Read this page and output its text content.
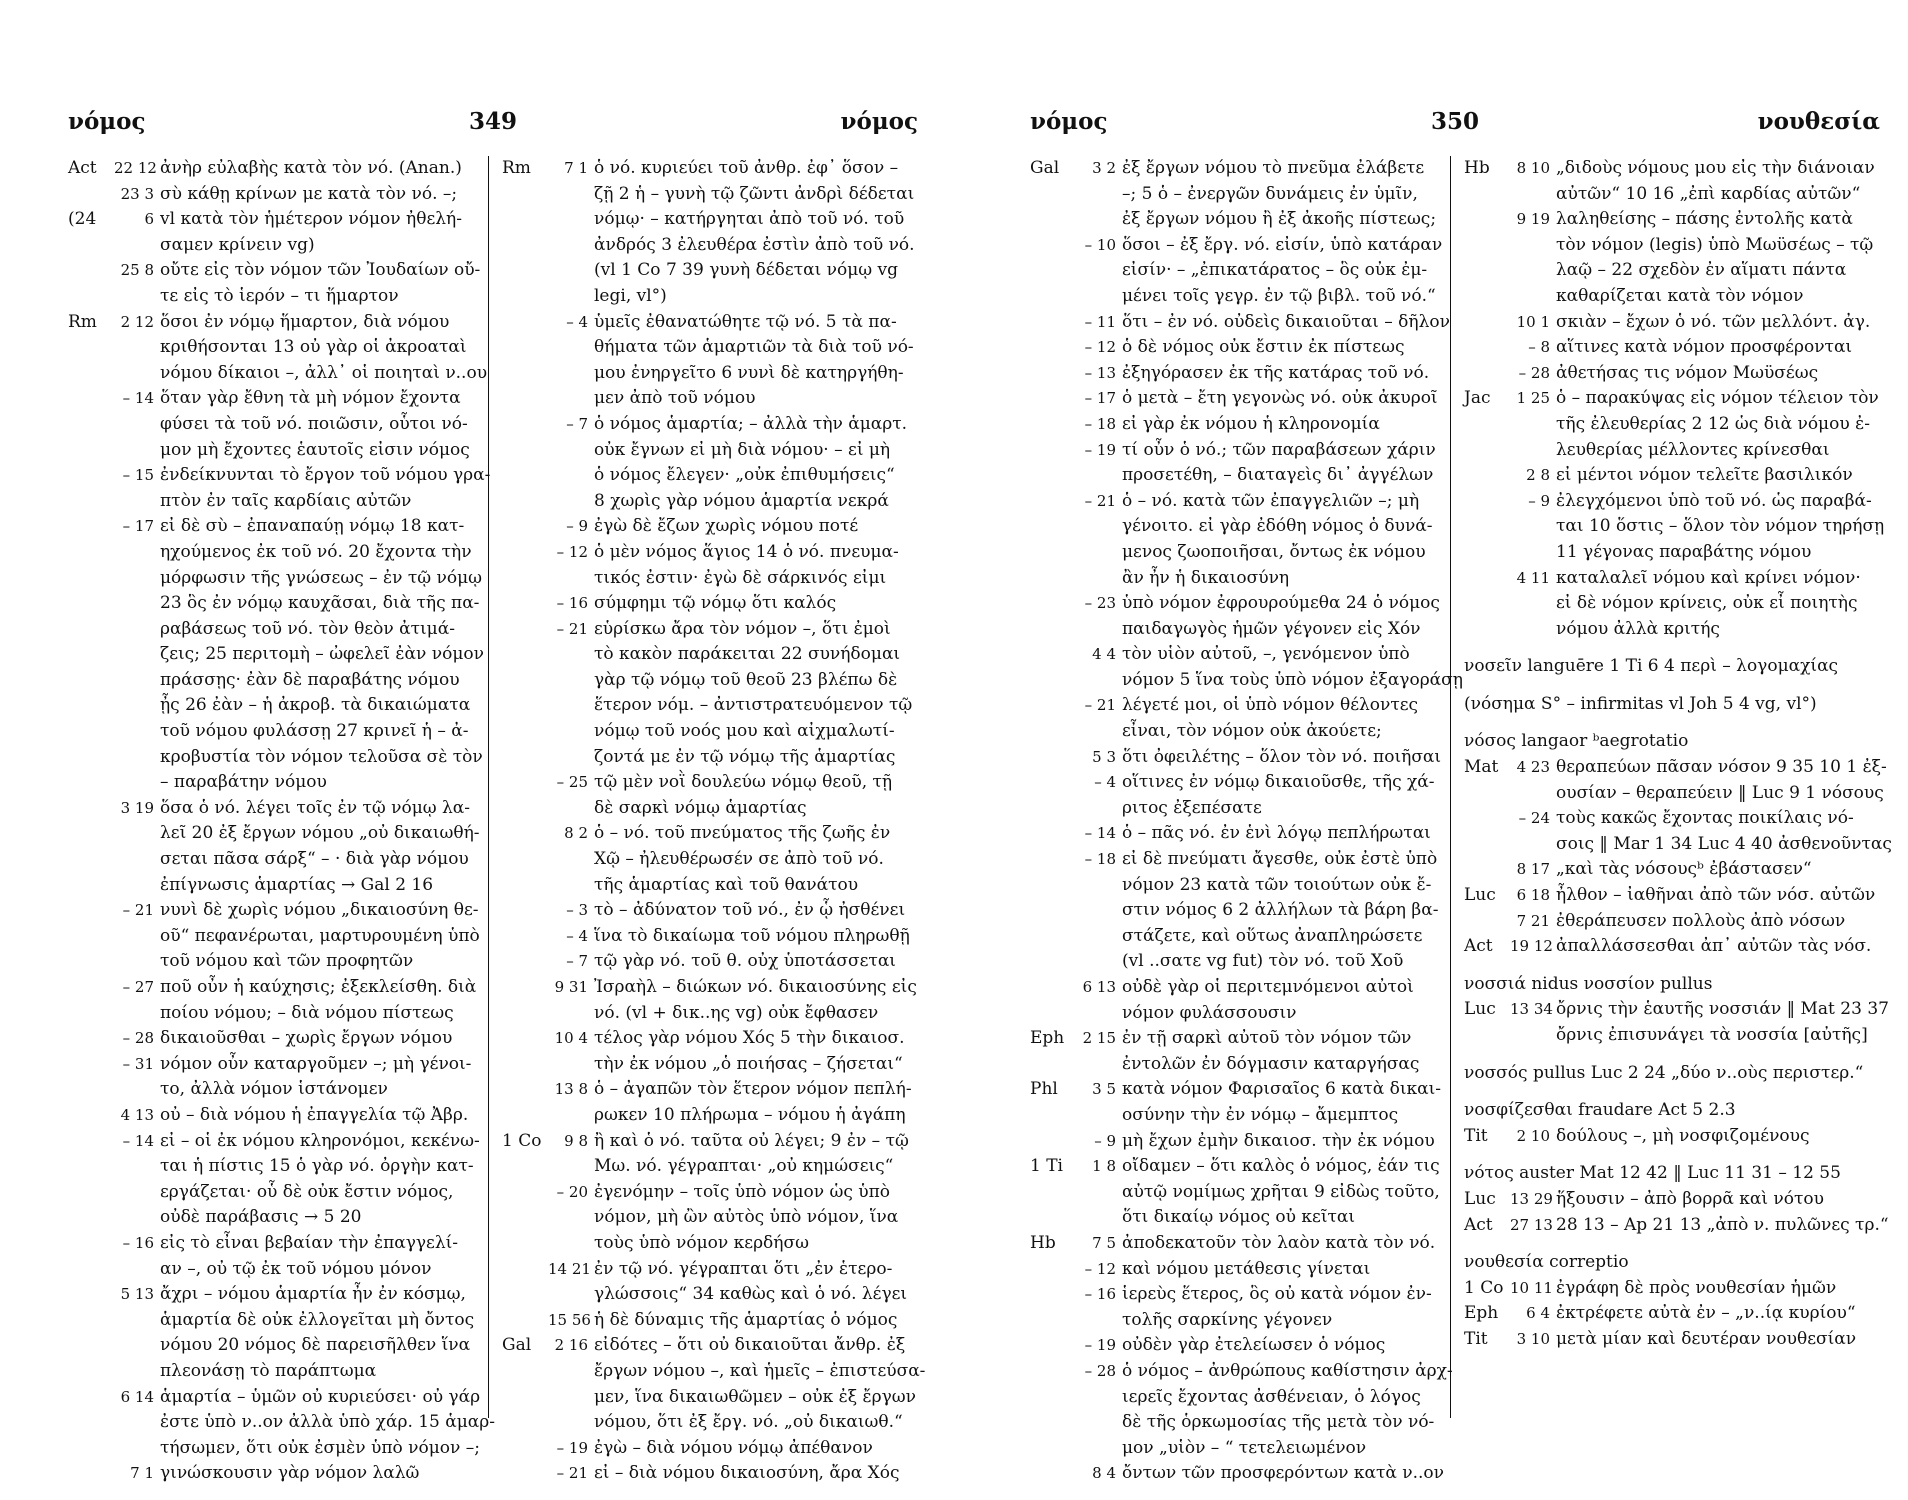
νόμος	349	νόμος
Act	22 12 ἀνὴρ εὐλαβὴς κατὰ τὸν νό. (Anan.)
23 3 σὺ κάθῃ κρίνων με κατὰ τὸν νό. –;
(24	6 vl κατὰ τὸν ἡμέτερον νόμον ἠθελή-
σαμεν κρίνειν vg)
25 8 οὔτε εἰς τὸν νόμον τῶν Ἰουδαίων οὔ-
τε εἰς τὸ ἱερόν – τι ἥμαρτον
Rm	2 12 ὅσοι ἐν νόμῳ ἥμαρτον, διὰ νόμου
κριθήσονται 13 οὐ γὰρ οἱ ἀκροαταὶ
νόμου δίκαιοι –, ἀλλ᾽ οἱ ποιηταὶ ν..ου
– 14 ὅταν γὰρ ἔθνη τὰ μὴ νόμον ἔχοντα
φύσει τὰ τοῦ νό. ποιῶσιν, οὗτοι νό-
μον μὴ ἔχοντες ἑαυτοῖς εἰσιν νόμος
– 15 ἐνδείκνυνται τὸ ἔργον τοῦ νόμου γρα-
πτὸν ἐν ταῖς καρδίαις αὐτῶν
– 17 εἰ δὲ σὺ – ἐπαναπαύῃ νόμῳ 18 κατ-
ηχούμενος ἐκ τοῦ νό. 20 ἔχοντα τὴν
μόρφωσιν τῆς γνώσεως – ἐν τῷ νόμῳ
23 ὃς ἐν νόμῳ καυχᾶσαι, διὰ τῆς πα-
ραβάσεως τοῦ νό. τὸν θεὸν ἀτιμά-
ζεις; 25 περιτομὴ – ὠφελεῖ ἐὰν νόμον
πράσσῃς· ἐὰν δὲ παραβάτης νόμου
ᾖς 26 ἐὰν – ἡ ἀκροβ. τὰ δικαιώματα
τοῦ νόμου φυλάσσῃ 27 κρινεῖ ἡ – ἀ-
κροβυστία τὸν νόμον τελοῦσα σὲ τὸν
– παραβάτην νόμου
3 19 ὅσα ὁ νό. λέγει τοῖς ἐν τῷ νόμῳ λα-
λεῖ 20 ἐξ ἔργων νόμου „οὐ δικαιωθή-
σεται πᾶσα σάρξ“ – · διὰ γὰρ νόμου
ἐπίγνωσις ἁμαρτίας → Gal 2 16
– 21 νυνὶ δὲ χωρὶς νόμου „δικαιοσύνη θε-
οῦ“ πεφανέρωται, μαρτυρουμένη ὑπὸ
τοῦ νόμου καὶ τῶν προφητῶν
– 27 ποῦ οὖν ἡ καύχησις; ἐξεκλείσθη. διὰ
ποίου νόμου; – διὰ νόμου πίστεως
– 28 δικαιοῦσθαι – χωρὶς ἔργων νόμου
– 31 νόμον οὖν καταργοῦμεν –; μὴ γένοι-
το, ἀλλὰ νόμον ἱστάνομεν
4 13 οὐ – διὰ νόμου ἡ ἐπαγγελία τῷ Ἀβρ.
– 14 εἰ – οἱ ἐκ νόμου κληρονόμοι, κεκένω-
ται ἡ πίστις 15 ὁ γὰρ νό. ὀργὴν κατ-
εργάζεται· οὗ δὲ οὐκ ἔστιν νόμος,
οὐδὲ παράβασις → 5 20
– 16 εἰς τὸ εἶναι βεβαίαν τὴν ἐπαγγελί-
αν –, οὐ τῷ ἐκ τοῦ νόμου μόνον
5 13 ἄχρι – νόμου ἁμαρτία ἦν ἐν κόσμῳ,
ἁμαρτία δὲ οὐκ ἐλλογεῖται μὴ ὄντος
νόμου 20 νόμος δὲ παρεισῆλθεν ἵνα
πλεονάσῃ τὸ παράπτωμα
6 14 ἁμαρτία – ὑμῶν οὐ κυριεύσει· οὐ γάρ
ἐστε ὑπὸ ν..ον ἀλλὰ ὑπὸ χάρ. 15 ἁμαρ-
τήσωμεν, ὅτι οὐκ ἐσμὲν ὑπὸ νόμον –;
7 1 γινώσκουσιν γὰρ νόμον λαλῶ
Rm	7 1 ὁ νό. κυριεύει τοῦ ἀνθρ. ἐφ᾽ ὅσον –
ζῇ 2 ἡ – γυνὴ τῷ ζῶντι ἀνδρὶ δέδεται
νόμῳ· – κατήργηται ἀπὸ τοῦ νό. τοῦ
ἀνδρός 3 ἐλευθέρα ἐστὶν ἀπὸ τοῦ νό.
(vl 1 Co 7 39 γυνὴ δέδεται νόμῳ vg
legi, vl°)
– 4 ὑμεῖς ἐθανατώθητε τῷ νό. 5 τὰ πα-
θήματα τῶν ἁμαρτιῶν τὰ διὰ τοῦ νό-
μου ἐνηργεῖτο 6 νυνὶ δὲ κατηργήθη-
μεν ἀπὸ τοῦ νόμου
– 7 ὁ νόμος ἁμαρτία; – ἀλλὰ τὴν ἁμαρτ.
οὐκ ἔγνων εἰ μὴ διὰ νόμου· – εἰ μὴ
ὁ νόμος ἔλεγεν· „οὐκ ἐπιθυμήσεις“
8 χωρὶς γὰρ νόμου ἁμαρτία νεκρά
– 9 ἐγὼ δὲ ἔζων χωρὶς νόμου ποτέ
– 12 ὁ μὲν νόμος ἅγιος 14 ὁ νό. πνευμα-
τικός ἐστιν· ἐγὼ δὲ σάρκινός εἰμι
– 16 σύμφημι τῷ νόμῳ ὅτι καλός
– 21 εὑρίσκω ἄρα τὸν νόμον –, ὅτι ἐμοὶ
τὸ κακὸν παράκειται 22 συνήδομαι
γὰρ τῷ νόμῳ τοῦ θεοῦ 23 βλέπω δὲ
ἕτερον νόμ. – ἀντιστρατευόμενον τῷ
νόμῳ τοῦ νοός μου καὶ αἰχμαλωτί-
ζοντά με ἐν τῷ νόμῳ τῆς ἁμαρτίας
– 25 τῷ μὲν νοῒ δουλεύω νόμῳ θεοῦ, τῇ
δὲ σαρκὶ νόμῳ ἁμαρτίας
8 2 ὁ – νό. τοῦ πνεύματος τῆς ζωῆς ἐν
Χῷ – ἠλευθέρωσέν σε ἀπὸ τοῦ νό.
τῆς ἁμαρτίας καὶ τοῦ θανάτου
– 3 τὸ – ἀδύνατον τοῦ νό., ἐν ᾧ ἠσθένει
– 4 ἵνα τὸ δικαίωμα τοῦ νόμου πληρωθῇ
– 7 τῷ γὰρ νό. τοῦ θ. οὐχ ὑποτάσσεται
9 31 Ἰσραὴλ – διώκων νό. δικαιοσύνης εἰς
νό. (vl + δικ..ης vg) οὐκ ἔφθασεν
10 4 τέλος γὰρ νόμου Χός 5 τὴν δικαιοσ.
τὴν ἐκ νόμου „ὁ ποιήσας – ζήσεται“
13 8 ὁ – ἀγαπῶν τὸν ἕτερον νόμον πεπλή-
ρωκεν 10 πλήρωμα – νόμου ἡ ἀγάπη
1 Co	9 8 ἢ καὶ ὁ νό. ταῦτα οὐ λέγει; 9 ἐν – τῷ
Μω. νό. γέγραπται· „οὐ κημώσεις“
– 20 ἐγενόμην – τοῖς ὑπὸ νόμον ὡς ὑπὸ
νόμον, μὴ ὢν αὐτὸς ὑπὸ νόμον, ἵνα
τοὺς ὑπὸ νόμον κερδήσω
14 21 ἐν τῷ νό. γέγραπται ὅτι „ἐν ἑτερο-
γλώσσοις“ 34 καθὼς καὶ ὁ νό. λέγει
15 56 ἡ δὲ δύναμις τῆς ἁμαρτίας ὁ νόμος
Gal	2 16 εἰδότες – ὅτι οὐ δικαιοῦται ἄνθρ. ἐξ
ἔργων νόμου –, καὶ ἡμεῖς – ἐπιστεύσα-
μεν, ἵνα δικαιωθῶμεν – οὐκ ἐξ ἔργων
νόμου, ὅτι ἐξ ἔργ. νό. „οὐ δικαιωθ.“
– 19 ἐγὼ – διὰ νόμου νόμῳ ἀπέθανον
– 21 εἰ – διὰ νόμου δικαιοσύνη, ἄρα Χός
νόμος	350	νουθεσία
Gal	3 2 ἐξ ἔργων νόμου τὸ πνεῦμα ἐλάβετε
–; 5 ὁ – ἐνεργῶν δυνάμεις ἐν ὑμῖν,
ἐξ ἔργων νόμου ἢ ἐξ ἀκοῆς πίστεως;
– 10 ὅσοι – ἐξ ἔργ. νό. εἰσίν, ὑπὸ κατάραν
εἰσίν· – „ἐπικατάρατος – ὃς οὐκ ἐμ-
μένει τοῖς γεγρ. ἐν τῷ βιβλ. τοῦ νό.“
– 11 ὅτι – ἐν νό. οὐδεὶς δικαιοῦται – δῆλον
– 12 ὁ δὲ νόμος οὐκ ἔστιν ἐκ πίστεως
– 13 ἐξηγόρασεν ἐκ τῆς κατάρας τοῦ νό.
– 17 ὁ μετὰ – ἔτη γεγονὼς νό. οὐκ ἀκυροῖ
– 18 εἰ γὰρ ἐκ νόμου ἡ κληρονομία
– 19 τί οὖν ὁ νό.; τῶν παραβάσεων χάριν
προσετέθη, – διαταγεὶς δι᾽ ἀγγέλων
– 21 ὁ – νό. κατὰ τῶν ἐπαγγελιῶν –; μὴ
γένοιτο. εἰ γὰρ ἐδόθη νόμος ὁ δυνά-
μενος ζωοποιῆσαι, ὄντως ἐκ νόμου
ἂν ἦν ἡ δικαιοσύνη
– 23 ὑπὸ νόμον ἐφρουρούμεθα 24 ὁ νόμος
παιδαγωγὸς ἡμῶν γέγονεν εἰς Χόν
4 4 τὸν υἱὸν αὐτοῦ, –, γενόμενον ὑπὸ
νόμον 5 ἵνα τοὺς ὑπὸ νόμον ἐξαγοράσῃ
– 21 λέγετέ μοι, οἱ ὑπὸ νόμον θέλοντες
εἶναι, τὸν νόμον οὐκ ἀκούετε;
5 3 ὅτι ὀφειλέτης – ὅλον τὸν νό. ποιῆσαι
– 4 οἵτινες ἐν νόμῳ δικαιοῦσθε, τῆς χά-
ριτος ἐξεπέσατε
– 14 ὁ – πᾶς νό. ἐν ἑνὶ λόγῳ πεπλήρωται
– 18 εἰ δὲ πνεύματι ἄγεσθε, οὐκ ἐστὲ ὑπὸ
νόμον 23 κατὰ τῶν τοιούτων οὐκ ἔ-
στιν νόμος 6 2 ἀλλήλων τὰ βάρη βα-
στάζετε, καὶ οὕτως ἀναπληρώσετε
(vl ..σατε vg fut) τὸν νό. τοῦ Χοῦ
6 13 οὐδὲ γὰρ οἱ περιτεμνόμενοι αὐτοὶ
νόμον φυλάσσουσιν
Eph	2 15 ἐν τῇ σαρκὶ αὐτοῦ τὸν νόμον τῶν
ἐντολῶν ἐν δόγμασιν καταργήσας
Phl	3 5 κατὰ νόμον Φαρισαῖος 6 κατὰ δικαι-
οσύνην τὴν ἐν νόμῳ – ἄμεμπτος
– 9 μὴ ἔχων ἐμὴν δικαιοσ. τὴν ἐκ νόμου
1 Ti	1 8 οἴδαμεν – ὅτι καλὸς ὁ νόμος, ἐάν τις
αὐτῷ νομίμως χρῆται 9 εἰδὼς τοῦτο,
ὅτι δικαίῳ νόμος οὐ κεῖται
Hb	7 5 ἀποδεκατοῦν τὸν λαὸν κατὰ τὸν νό.
– 12 καὶ νόμου μετάθεσις γίνεται
– 16 ἱερεὺς ἕτερος, ὃς οὐ κατὰ νόμον ἐν-
τολῆς σαρκίνης γέγονεν
– 19 οὐδὲν γὰρ ἐτελείωσεν ὁ νόμος
– 28 ὁ νόμος – ἀνθρώπους καθίστησιν ἀρχ-
ιερεῖς ἔχοντας ἀσθένειαν, ὁ λόγος
δὲ τῆς ὁρκωμοσίας τῆς μετὰ τὸν νό-
μον „υἱὸν – “ τετελειωμένον
8 4 ὄντων τῶν προσφερόντων κατὰ ν..ον
Hb	8 10 „διδοὺς νόμους μου εἰς τὴν διάνοιαν
αὐτῶν“ 10 16 „ἐπὶ καρδίας αὐτῶν“
9 19 λαληθείσης – πάσης ἐντολῆς κατὰ
τὸν νόμον (legis) ὑπὸ Μωϋσέως – τῷ
λαῷ – 22 σχεδὸν ἐν αἵματι πάντα
καθαρίζεται κατὰ τὸν νόμον
10 1 σκιὰν – ἔχων ὁ νό. τῶν μελλόντ. ἀγ.
– 8 αἵτινες κατὰ νόμον προσφέρονται
– 28 ἀθετήσας τις νόμον Μωϋσέως
Jac	1 25 ὁ – παρακύψας εἰς νόμον τέλειον τὸν
τῆς ἐλευθερίας 2 12 ὡς διὰ νόμου ἐ-
λευθερίας μέλλοντες κρίνεσθαι
2 8 εἰ μέντοι νόμον τελεῖτε βασιλικόν
– 9 ἐλεγχόμενοι ὑπὸ τοῦ νό. ὡς παραβά-
ται 10 ὅστις – ὅλον τὸν νόμον τηρήσῃ
11 γέγονας παραβάτης νόμου
4 11 καταλαλεῖ νόμου καὶ κρίνει νόμον·
εἰ δὲ νόμον κρίνεις, οὐκ εἶ ποιητὴς
νόμου ἀλλὰ κριτής
νοσεῖν languēre 1 Ti 6 4 περὶ – λογομαχίας
(νόσημα S° – infirmitas vl Joh 5 4 vg, vl°)
νόσος langaor ᵇaegrotatio
Mat	4 23 θεραπεύων πᾶσαν νόσον 9 35 10 1 ἐξ-
ουσίαν – θεραπεύειν ‖ Luc 9 1 νόσους
– 24 τοὺς κακῶς ἔχοντας ποικίλαις νό-
σοις ‖ Mar 1 34 Luc 4 40 ἀσθενοῦντας
8 17 „καὶ τὰς νόσουςᵇ ἐβάστασεν“
Luc	6 18 ἦλθον – ἰαθῆναι ἀπὸ τῶν νόσ. αὐτῶν
7 21 ἐθεράπευσεν πολλοὺς ἀπὸ νόσων
Act	19 12 ἀπαλλάσσεσθαι ἀπ᾽ αὐτῶν τὰς νόσ.
νοσσιά nidus νοσσίον pullus
Luc 13 34 ὄρνις τὴν ἑαυτῆς νοσσιάν ‖ Mat 23 37
ὄρνις ἐπισυνάγει τὰ νοσσία [αὐτῆς]
νοσσός pullus Luc 2 24 „δύο ν..οὺς περιστερ.“
νοσφίζεσθαι fraudare Act 5 2.3
Tit	2 10 δούλους –, μὴ νοσφιζομένους
νότος auster Mat 12 42 ‖ Luc 11 31 – 12 55
Luc 13 29 ἥξουσιν – ἀπὸ βορρᾶ καὶ νότου
Act	27 13 28 13 – Ap 21 13 „ἀπὸ ν. πυλῶνες τρ.“
νουθεσία correptio
1 Co 10 11 ἐγράφη δὲ πρὸς νουθεσίαν ἡμῶν
Eph	6 4 ἐκτρέφετε αὐτὰ ἐν – „ν..ίᾳ κυρίου“
Tit	3 10 μετὰ μίαν καὶ δευτέραν νουθεσίαν
